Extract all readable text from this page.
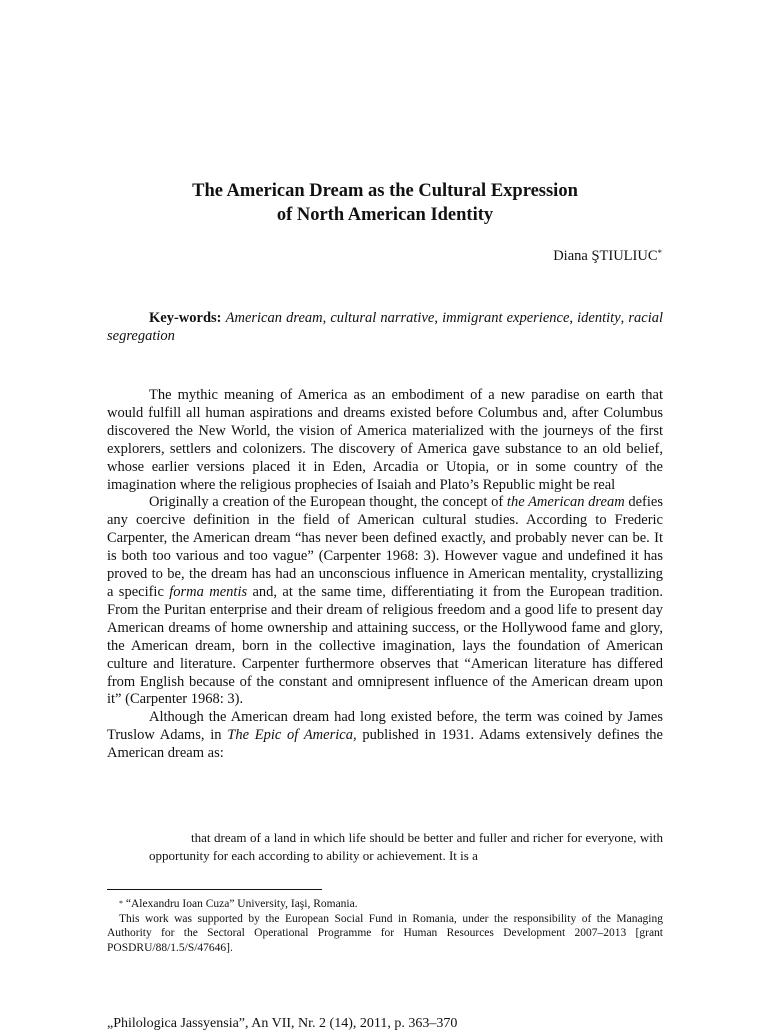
The American Dream as the Cultural Expression
of North American Identity
Diana ŞTIULIUC*

Key-words: American dream, cultural narrative, immigrant experience, identity, racial segregation

The mythic meaning of America as an embodiment of a new paradise on earth that would fulfill all human aspirations and dreams existed before Columbus and, after Columbus discovered the New World, the vision of America materialized with the journeys of the first explorers, settlers and colonizers. The discovery of America gave substance to an old belief, whose earlier versions placed it in Eden, Arcadia or Utopia, or in some country of the imagination where the religious prophecies of Isaiah and Plato’s Republic might be real

Originally a creation of the European thought, the concept of the American dream defies any coercive definition in the field of American cultural studies. According to Frederic Carpenter, the American dream “has never been defined exactly, and probably never can be. It is both too various and too vague” (Carpenter 1968: 3). However vague and undefined it has proved to be, the dream has had an unconscious influence in American mentality, crystallizing a specific forma mentis and, at the same time, differentiating it from the European tradition. From the Puritan enterprise and their dream of religious freedom and a good life to present day American dreams of home ownership and attaining success, or the Hollywood fame and glory, the American dream, born in the collective imagination, lays the foundation of American culture and literature. Carpenter furthermore observes that “American literature has differed from English because of the constant and omnipresent influence of the American dream upon it” (Carpenter 1968: 3).

Although the American dream had long existed before, the term was coined by James Truslow Adams, in The Epic of America, published in 1931. Adams extensively defines the American dream as:

that dream of a land in which life should be better and fuller and richer for everyone, with opportunity for each according to ability or achievement. It is a

* “Alexandru Ioan Cuza” University, Iaşi, Romania.

This work was supported by the European Social Fund in Romania, under the responsibility of the Managing Authority for the Sectoral Operational Programme for Human Resources Development 2007–2013 [grant POSDRU/88/1.5/S/47646].

„Philologica Jassyensia”, An VII, Nr. 2 (14), 2011, p. 363–370
